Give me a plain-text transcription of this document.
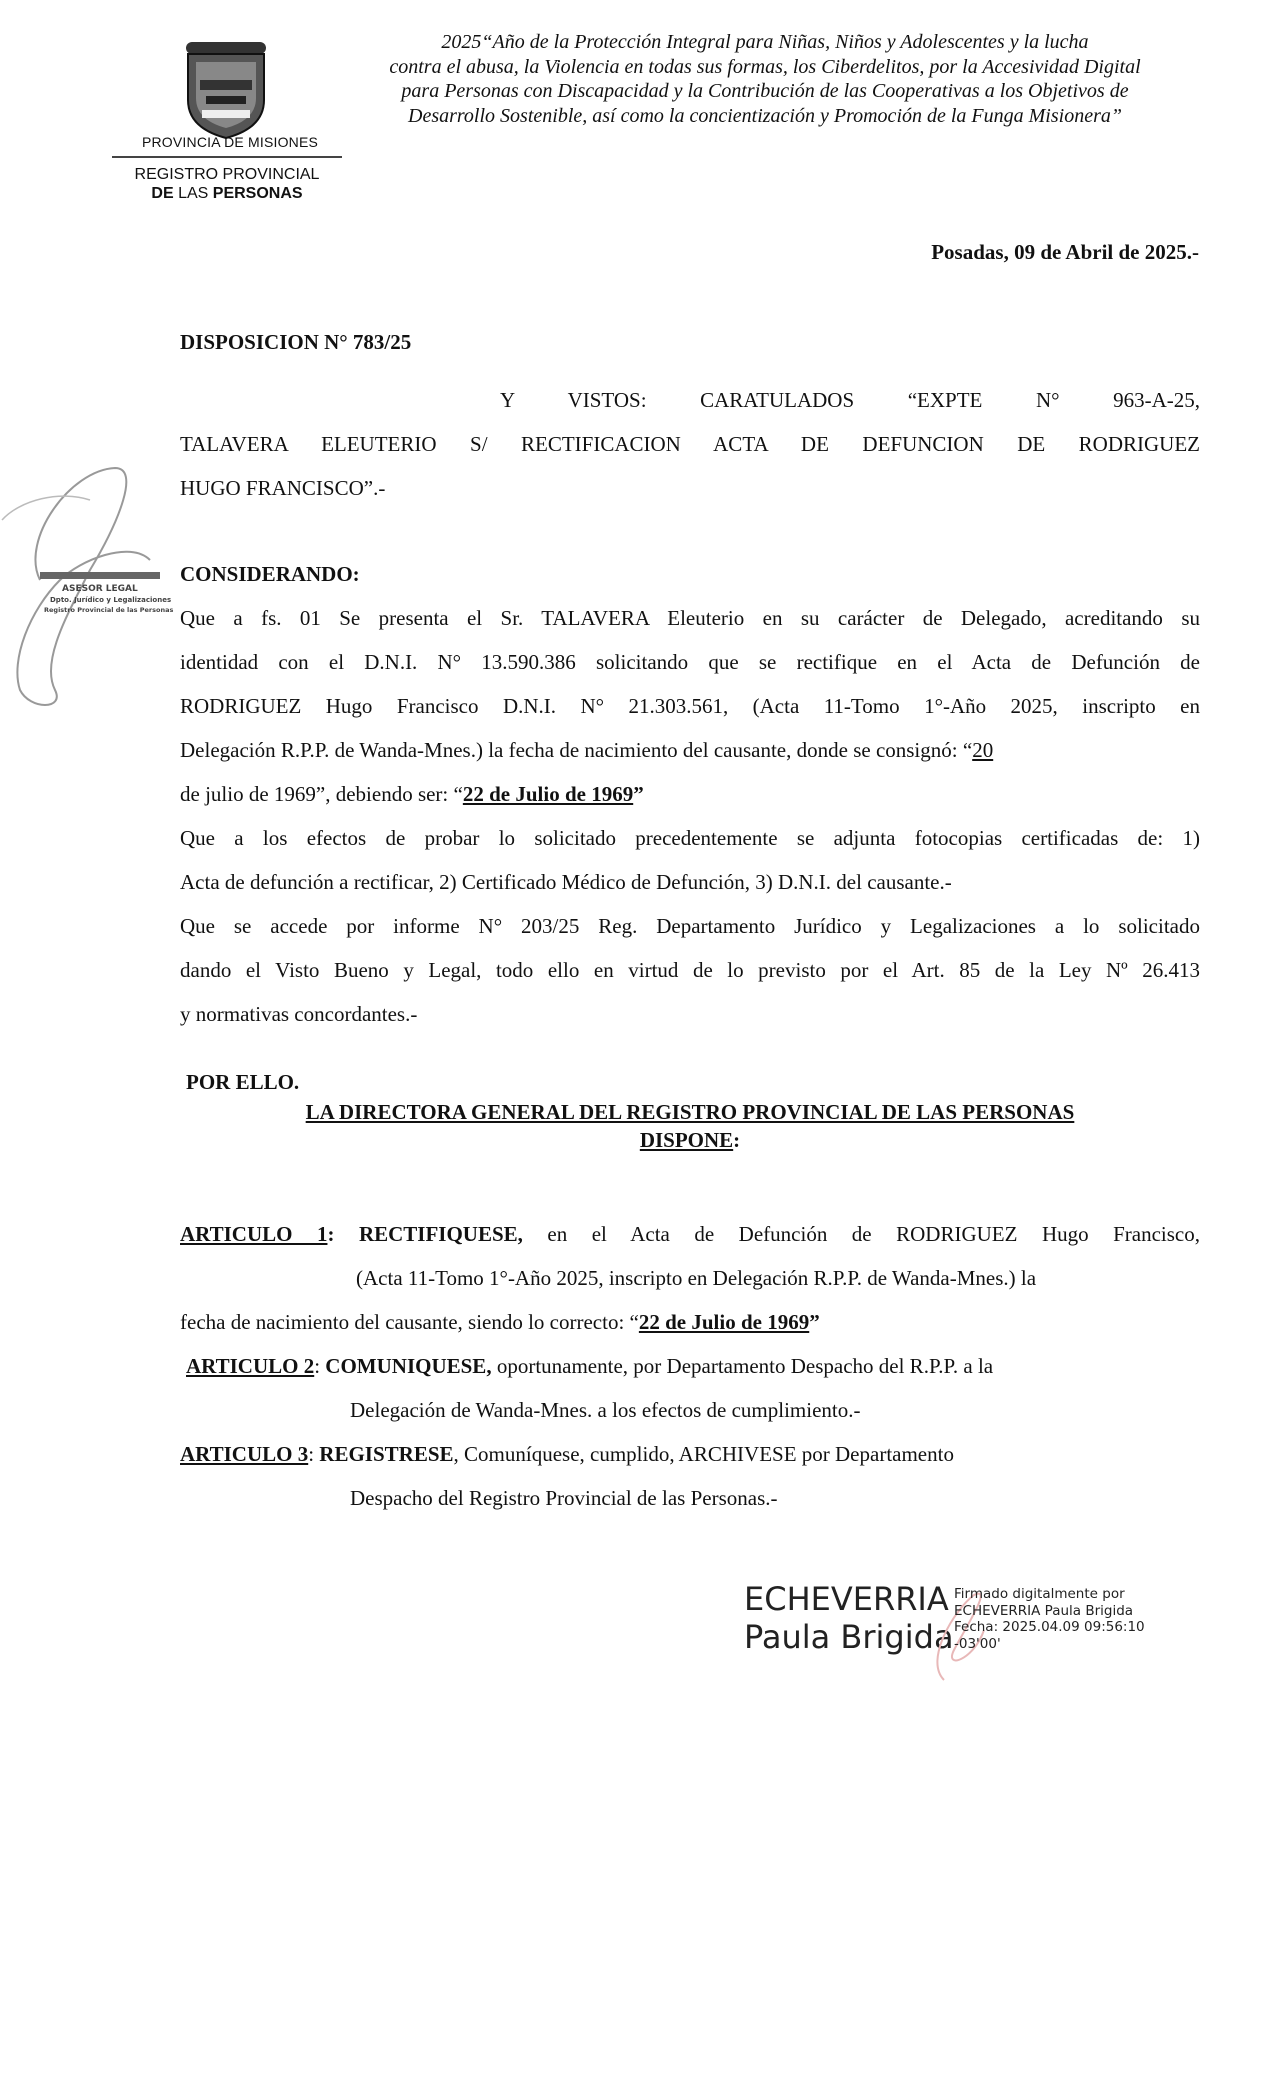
PROVINCIA DE MISIONES
REGISTRO PROVINCIAL
DE LAS PERSONAS
2025“Año de la Protección Integral para Niñas, Niños y Adolescentes y la lucha
contra el abusa, la Violencia en todas sus formas, los Ciberdelitos, por la Accesividad Digital
para Personas con Discapacidad y la Contribución de las Cooperativas a los Objetivos de
Desarrollo Sostenible, así como la concientización y Promoción de la Funga Misionera”
Posadas, 09 de Abril de 2025.-
DISPOSICION N° 783/25
Y VISTOS: CARATULADOS “EXPTE N° 963-A-25,
TALAVERA ELEUTERIO S/ RECTIFICACION ACTA DE DEFUNCION DE RODRIGUEZ
HUGO FRANCISCO”.-
ASESOR LEGAL
Dpto. Jurídico y Legalizaciones
Registro Provincial de las Personas
CONSIDERANDO:
Que a fs. 01 Se presenta el Sr. TALAVERA Eleuterio en su carácter de Delegado, acreditando su
identidad con el D.N.I. N° 13.590.386 solicitando que se rectifique en el Acta de Defunción de
RODRIGUEZ Hugo Francisco D.N.I. N° 21.303.561, (Acta 11-Tomo 1°-Año 2025, inscripto en
Delegación R.P.P. de Wanda-Mnes.) la fecha de nacimiento del causante, donde se consignó: “20
de julio de 1969”, debiendo ser: “22 de Julio de 1969”
Que a los efectos de probar lo solicitado precedentemente se adjunta fotocopias certificadas de: 1)
Acta de defunción a rectificar, 2) Certificado Médico de Defunción, 3) D.N.I. del causante.-
Que se accede por informe N° 203/25 Reg. Departamento Jurídico y Legalizaciones a lo solicitado
dando el Visto Bueno y Legal, todo ello en virtud de lo previsto por el Art. 85 de la Ley Nº 26.413
y normativas concordantes.-
POR ELLO.
LA DIRECTORA GENERAL DEL REGISTRO PROVINCIAL DE LAS PERSONAS
DISPONE:
ARTICULO 1: RECTIFIQUESE, en el Acta de Defunción de RODRIGUEZ Hugo Francisco,
(Acta 11-Tomo 1°-Año 2025, inscripto en Delegación R.P.P. de Wanda-Mnes.) la
fecha de nacimiento del causante, siendo lo correcto: “22 de Julio de 1969”
ARTICULO 2: COMUNIQUESE, oportunamente, por Departamento Despacho del R.P.P. a la
Delegación de Wanda-Mnes. a los efectos de cumplimiento.-
ARTICULO 3: REGISTRESE, Comuníquese, cumplido, ARCHIVESE por Departamento
Despacho del Registro Provincial de las Personas.-
ECHEVERRIA
Paula Brigida
Firmado digitalmente por
ECHEVERRIA Paula Brigida
Fecha: 2025.04.09 09:56:10
-03'00'
